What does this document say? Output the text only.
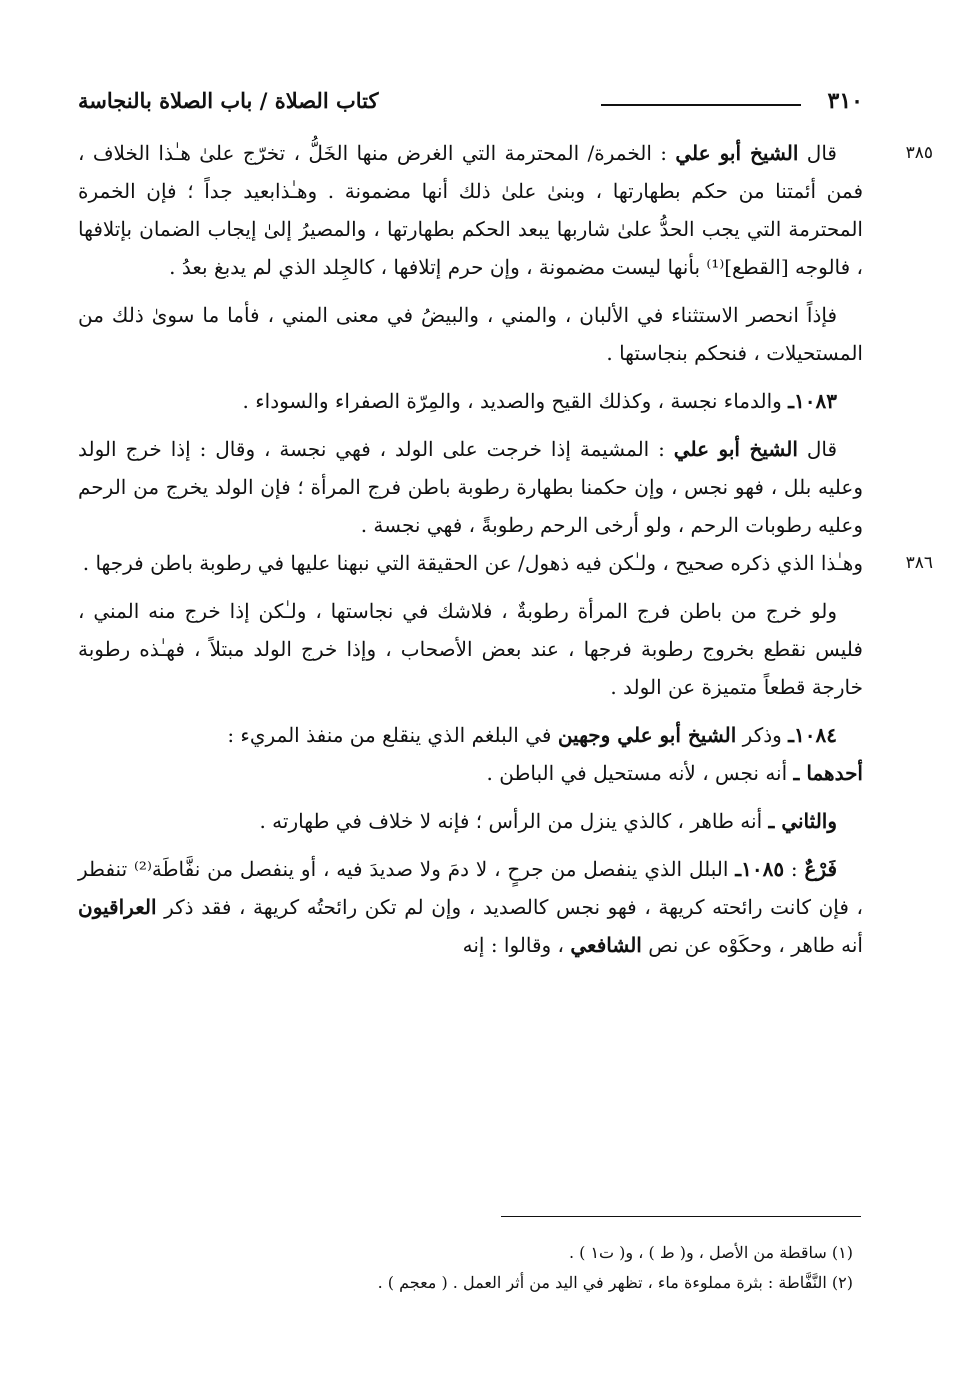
٣١٠
كتاب الصلاة / باب الصلاة بالنجاسة

٣٨٥
قال الشيخ أبو علي : الخمرة/ المحترمة التي الغرض منها الخَلُّ ، تخرّج علىٰ هـٰذا الخلاف ، فمن أئمتنا من حكم بطهارتها ، وبنىٰ علىٰ ذلك أنها مضمونة . وهـٰذابعيد جداً ؛ فإن الخمرة المحترمة التي يجب الحدُّ علىٰ شاربها يبعد الحكم بطهارتها ، والمصيرُ إلىٰ إيجاب الضمان بإتلافها ، فالوجه [القطع]⁽¹⁾ بأنها ليست مضمونة ، وإن حرم إتلافها ، كالجِلد الذي لم يدبغ بعدُ .

فإذاً انحصر الاستثناء في الألبان ، والمني ، والبيضُ في معنى المني ، فأما ما سوىٰ ذلك من المستحيلات ، فنحكم بنجاستها .

١٠٨٣ـ والدماء نجسة ، وكذلك القيح والصديد ، والمِرّة الصفراء والسوداء .

قال الشيخ أبو علي : المشيمة إذا خرجت على الولد ، فهي نجسة ، وقال : إذا خرج الولد وعليه بلل ، فهو نجس ، وإن حكمنا بطهارة رطوبة باطن فرج المرأة ؛ فإن الولد يخرج من الرحم وعليه رطوبات الرحم ، ولو أرخى الرحم رطوبةً ، فهي نجسة .

٣٨٦
وهـٰذا الذي ذكره صحيح ، ولـٰكن فيه ذهول/ عن الحقيقة التي نبهنا عليها في رطوبة باطن فرجها .

ولو خرج من باطن فرج المرأة رطوبةٌ ، فلاشك في نجاستها ، ولـٰكن إذا خرج منه المني ، فليس نقطع بخروج رطوبة فرجها ، عند بعض الأصحاب ، وإذا خرج الولد مبتلاً ، فهـٰذه رطوبة خارجة قطعاً متميزة عن الولد .

١٠٨٤ـ وذكر الشيخ أبو علي وجهين في البلغم الذي ينقلع من منفذ المريء :

أحدهما ـ أنه نجس ، لأنه مستحيل في الباطن .

والثاني ـ أنه طاهر ، كالذي ينزل من الرأس ؛ فإنه لا خلاف في طهارته .

فَرْعٌ : ١٠٨٥ـ البلل الذي ينفصل من جرحٍ ، لا دمَ ولا صديدَ فيه ، أو ينفصل من نفَّاطَة⁽²⁾ تنفطر ، فإن كانت رائحته كريهة ، فهو نجس كالصديد ، وإن لم تكن رائحتُه كريهة ، فقد ذكر العراقيون أنه طاهر ، وحكَوْه عن نص الشافعي ، وقالوا : إنه

(١) ساقطة من الأصل ، و( ط ) ، و( ت١ ) .
(٢) النَّفَّاطة : بثرة مملوءة ماء ، تظهر في اليد من أثر العمل . ( معجم ) .
